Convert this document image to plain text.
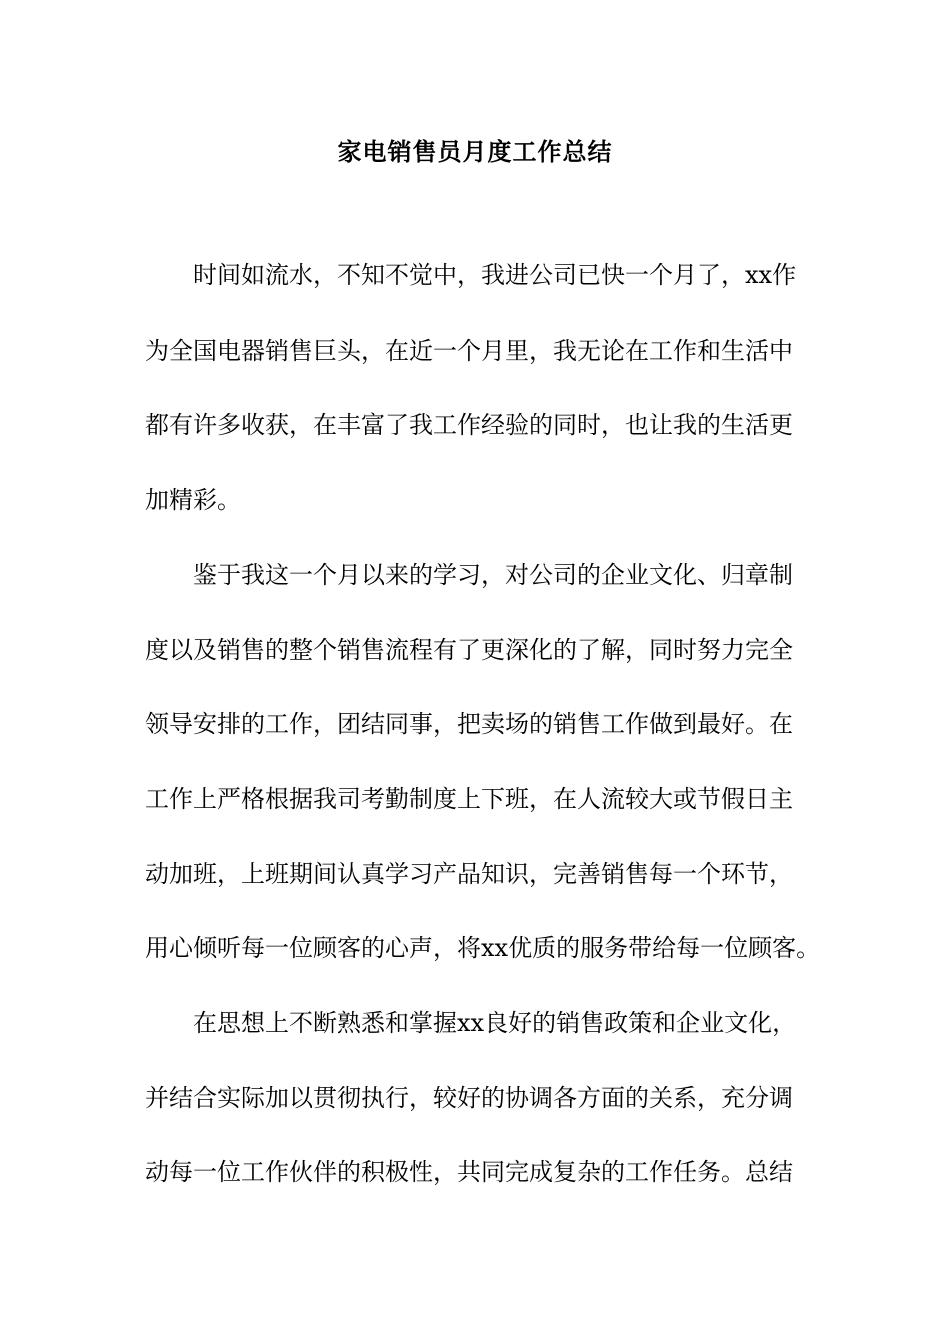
家电销售员月度工作总结
时间如流水，不知不觉中，我进公司已快一个月了，xx作
为全国电器销售巨头，在近一个月里，我无论在工作和生活中
都有许多收获，在丰富了我工作经验的同时，也让我的生活更
加精彩。
鉴于我这一个月以来的学习，对公司的企业文化、归章制
度以及销售的整个销售流程有了更深化的了解，同时努力完全
领导安排的工作，团结同事，把卖场的销售工作做到最好。在
工作上严格根据我司考勤制度上下班，在人流较大或节假日主
动加班，上班期间认真学习产品知识，完善销售每一个环节，
用心倾听每一位顾客的心声，将xx优质的服务带给每一位顾客。
在思想上不断熟悉和掌握xx良好的销售政策和企业文化，
并结合实际加以贯彻执行，较好的协调各方面的关系，充分调
动每一位工作伙伴的积极性，共同完成复杂的工作任务。总结
